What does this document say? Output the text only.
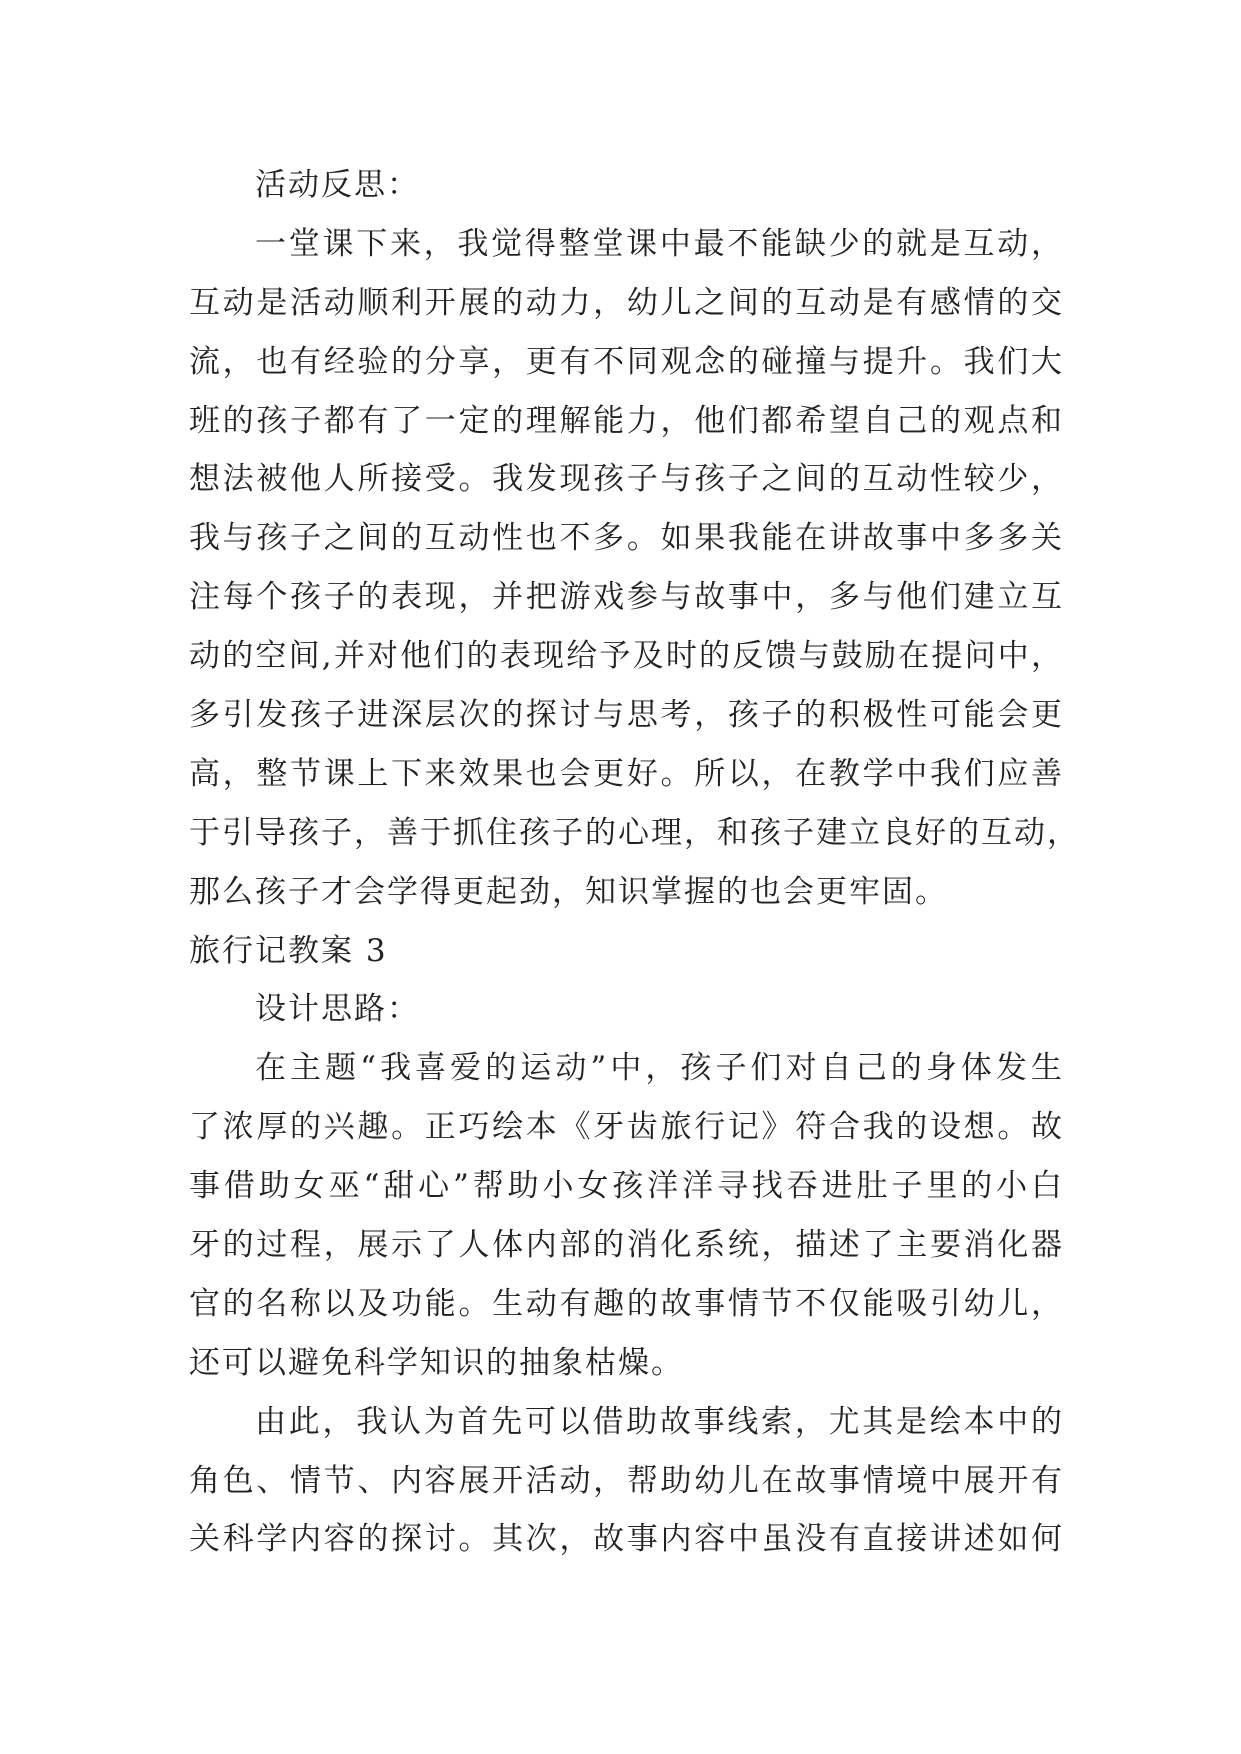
活动反思：
一堂课下来，我觉得整堂课中最不能缺少的就是互动，
互动是活动顺利开展的动力，幼儿之间的互动是有感情的交
流，也有经验的分享，更有不同观念的碰撞与提升。我们大
班的孩子都有了一定的理解能力，他们都希望自己的观点和
想法被他人所接受。我发现孩子与孩子之间的互动性较少，
我与孩子之间的互动性也不多。如果我能在讲故事中多多关
注每个孩子的表现，并把游戏参与故事中，多与他们建立互
动的空间,并对他们的表现给予及时的反馈与鼓励在提问中，
多引发孩子进深层次的探讨与思考，孩子的积极性可能会更
高，整节课上下来效果也会更好。所以，在教学中我们应善
于引导孩子，善于抓住孩子的心理，和孩子建立良好的互动，
那么孩子才会学得更起劲，知识掌握的也会更牢固。
旅行记教案 3
设计思路：
在主题“我喜爱的运动”中，孩子们对自己的身体发生
了浓厚的兴趣。正巧绘本《牙齿旅行记》符合我的设想。故
事借助女巫“甜心”帮助小女孩洋洋寻找吞进肚子里的小白
牙的过程，展示了人体内部的消化系统，描述了主要消化器
官的名称以及功能。生动有趣的故事情节不仅能吸引幼儿，
还可以避免科学知识的抽象枯燥。
由此，我认为首先可以借助故事线索，尤其是绘本中的
角色、情节、内容展开活动，帮助幼儿在故事情境中展开有
关科学内容的探讨。其次，故事内容中虽没有直接讲述如何
